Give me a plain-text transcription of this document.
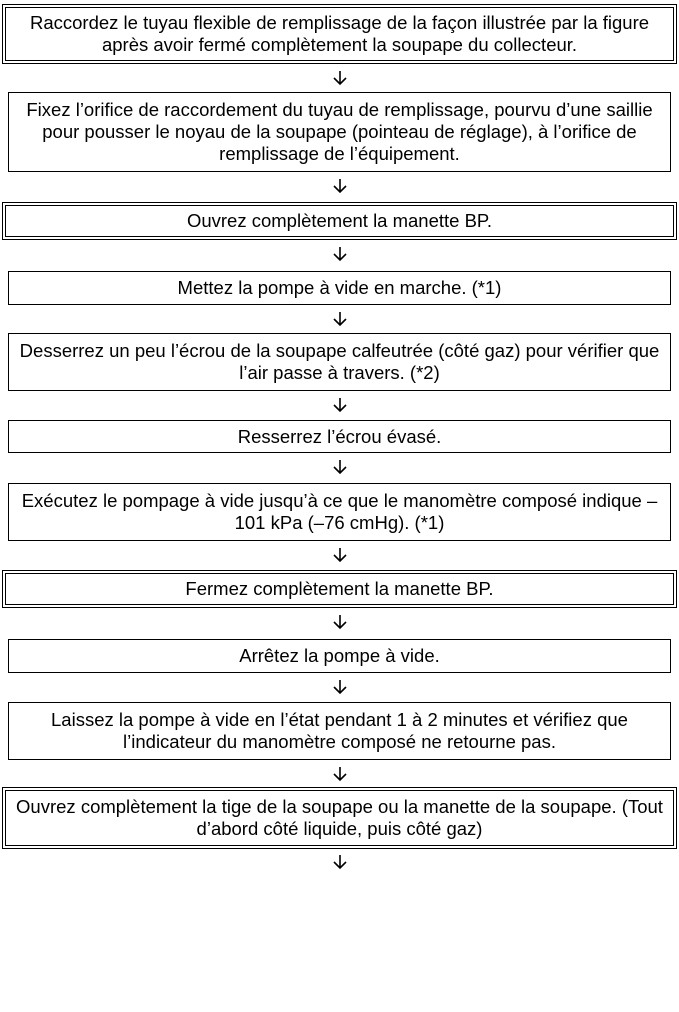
Raccordez le tuyau flexible de remplissage de la façon illustrée par la figure après avoir fermé complètement la soupape du collecteur.
Fixez l’orifice de raccordement du tuyau de remplissage, pourvu d’une saillie pour pousser le noyau de la soupape (pointeau de réglage), à l’orifice de remplissage de l’équipement.
Ouvrez complètement la manette BP.
Mettez la pompe à vide en marche. (*1)
Desserrez un peu l’écrou de la soupape calfeutrée (côté gaz) pour vérifier que l’air passe à travers. (*2)
Resserrez l’écrou évasé.
Exécutez le pompage à vide jusqu’à ce que le manomètre composé indique –101 kPa (–76 cmHg). (*1)
Fermez complètement la manette BP.
Arrêtez la pompe à vide.
Laissez la pompe à vide en l’état pendant 1 à 2 minutes et vérifiez que l’indicateur du manomètre composé ne retourne pas.
Ouvrez complètement la tige de la soupape ou la manette de la soupape. (Tout d’abord côté liquide, puis côté gaz)
